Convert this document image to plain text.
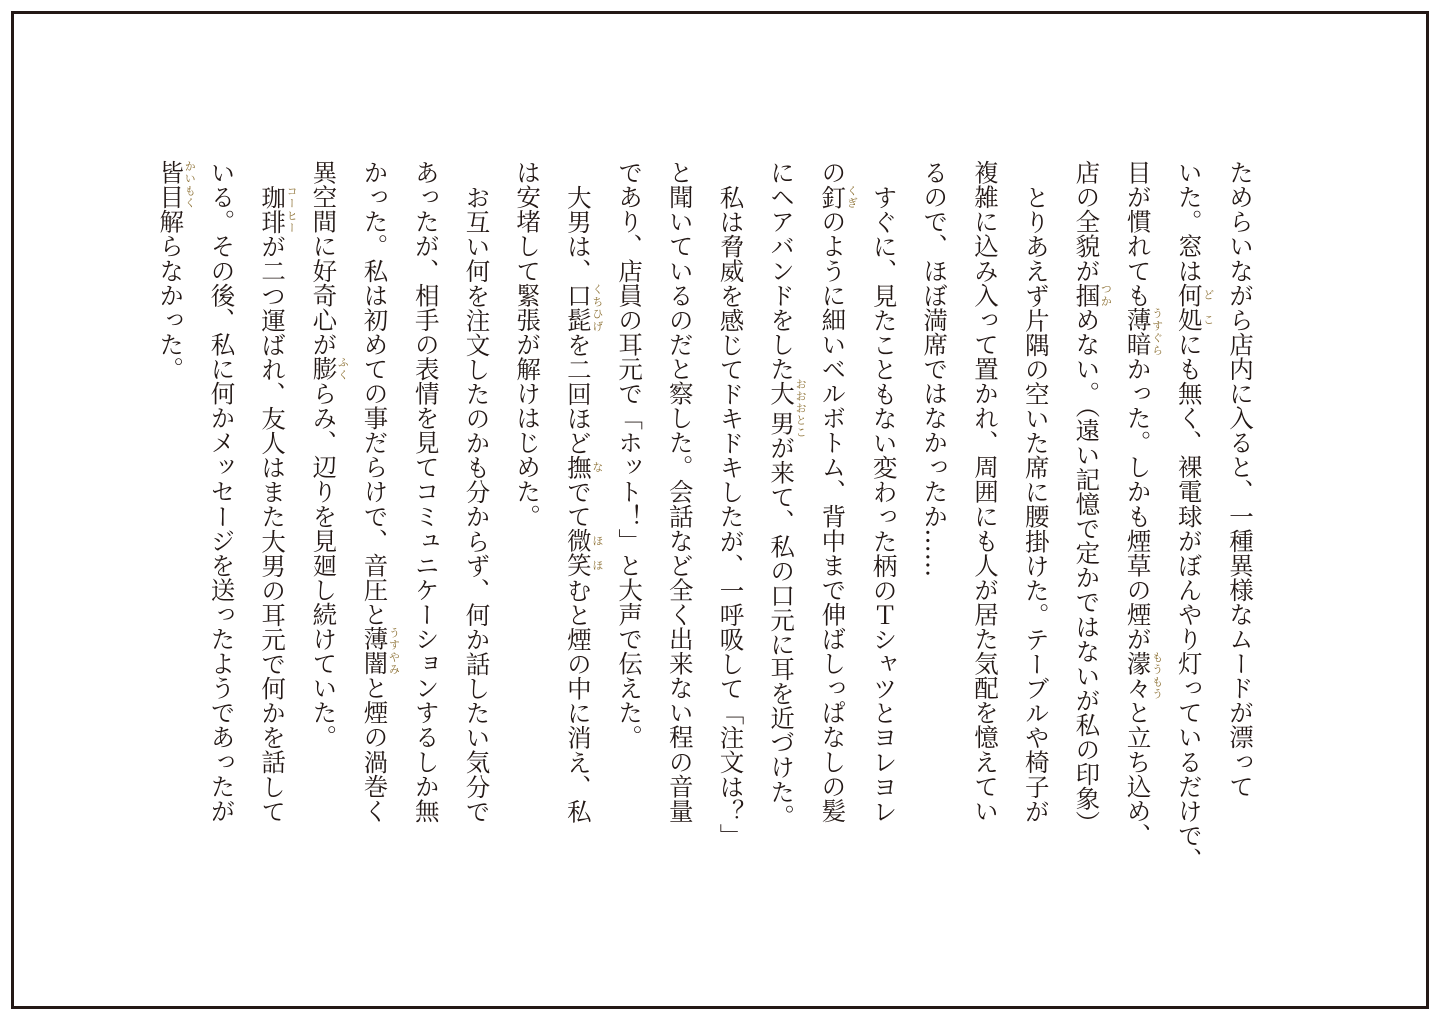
ためらいながら店内に入ると、一種異様なムードが漂って
いた。窓は何処どこにも無く、裸電球がぼんやり灯っているだけで、
目が慣れても薄暗うすぐらかった。しかも煙草の煙が濛々もうもうと立ち込め、
店の全貌が掴つかめない。（遠い記憶で定かではないが私の印象）
とりあえず片隅の空いた席に腰掛けた。テーブルや椅子が
複雑に込み入って置かれ、周囲にも人が居た気配を憶えてい
るので、ほぼ満席ではなかったか……
すぐに、見たこともない変わった柄のＴシャツとヨレヨレ
の釘くぎのように細いベルボトム、背中まで伸ばしっぱなしの髪
にヘアバンドをした大男おおおとこが来て、私の口元に耳を近づけた。
私は脅威を感じてドキドキしたが、一呼吸して「注文は？」
と聞いているのだと察した。会話など全く出来ない程の音量
であり、店員の耳元で「ホット！」と大声で伝えた。
大男は、口髭くちひげを二回ほど撫なでて微笑ほほむと煙の中に消え、私
は安堵して緊張が解けはじめた。
お互い何を注文したのかも分からず、何か話したい気分で
あったが、相手の表情を見てコミュニケーションするしか無
かった。私は初めての事だらけで、音圧と薄闇うすやみと煙の渦巻く
異空間に好奇心が膨ふくらみ、辺りを見廻し続けていた。
珈琲コーヒーが二つ運ばれ、友人はまた大男の耳元で何かを話して
いる。その後、私に何かメッセージを送ったようであったが
皆目かいもく解らなかった。
